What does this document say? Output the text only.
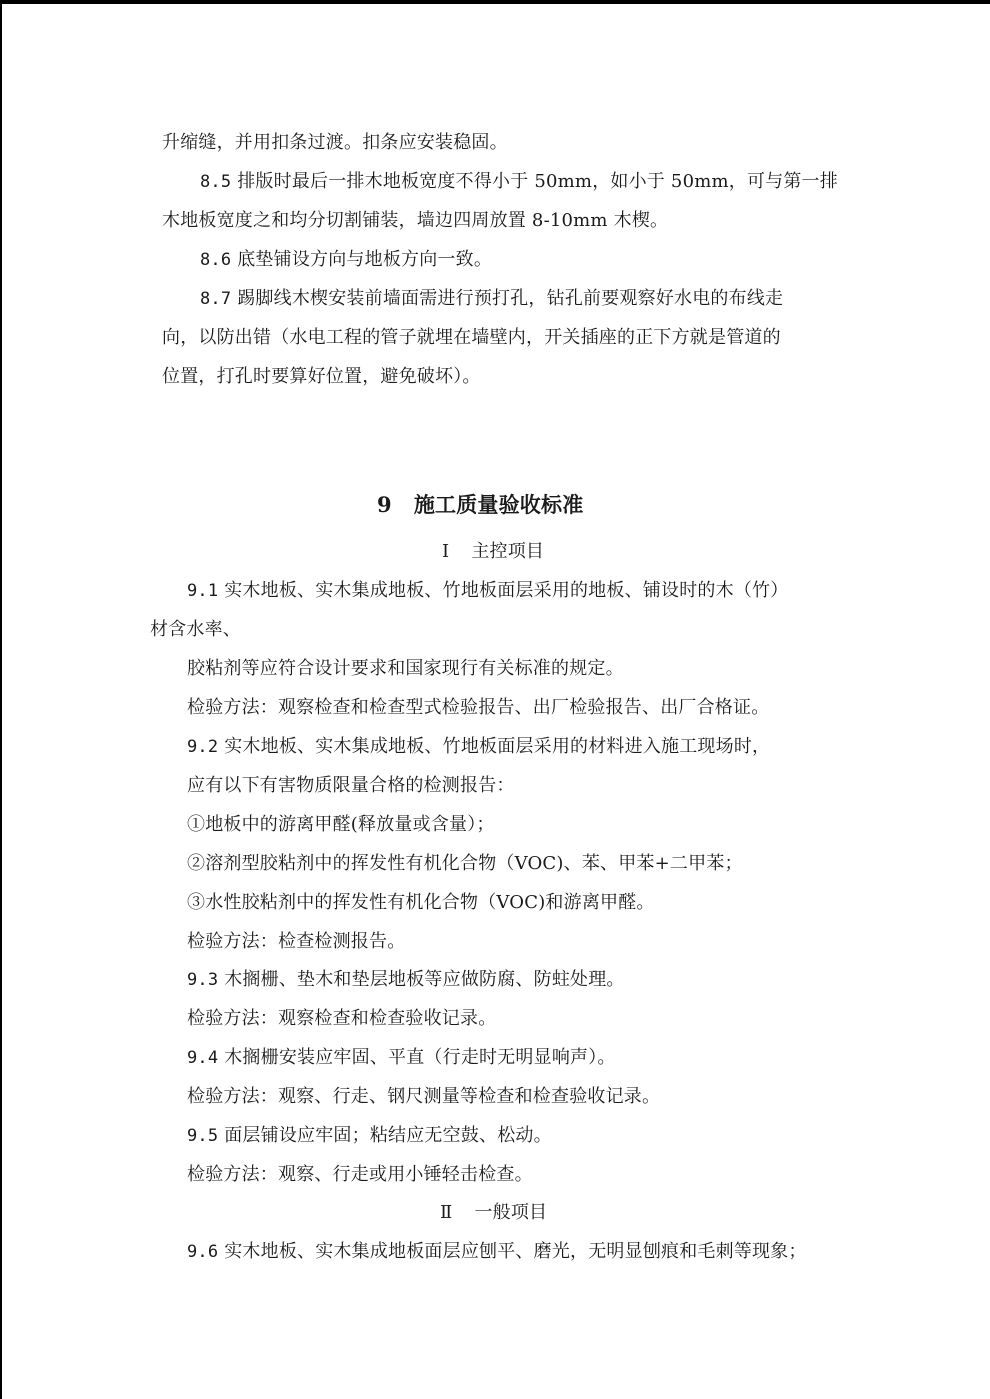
升缩缝，并用扣条过渡。扣条应安装稳固。
8.5 排版时最后一排木地板宽度不得小于 50mm，如小于 50mm，可与第一排
木地板宽度之和均分切割铺装，墙边四周放置 8-10mm 木楔。
8.6 底垫铺设方向与地板方向一致。
8.7 踢脚线木楔安装前墙面需进行预打孔，钻孔前要观察好水电的布线走
向，以防出错（水电工程的管子就埋在墙壁内，开关插座的正下方就是管道的
位置，打孔时要算好位置，避免破坏）。
9 施工质量验收标准
Ⅰ 主控项目
9.1 实木地板、实木集成地板、竹地板面层采用的地板、铺设时的木（竹）
材含水率、
胶粘剂等应符合设计要求和国家现行有关标准的规定。
检验方法：观察检查和检查型式检验报告、出厂检验报告、出厂合格证。
9.2 实木地板、实木集成地板、竹地板面层采用的材料进入施工现场时，
应有以下有害物质限量合格的检测报告：
①地板中的游离甲醛(释放量或含量）；
②溶剂型胶粘剂中的挥发性有机化合物（VOC)、苯、甲苯+二甲苯；
③水性胶粘剂中的挥发性有机化合物（VOC)和游离甲醛。
检验方法：检查检测报告。
9.3 木搁栅、垫木和垫层地板等应做防腐、防蛀处理。
检验方法：观察检查和检查验收记录。
9.4 木搁栅安装应牢固、平直（行走时无明显响声）。
检验方法：观察、行走、钢尺测量等检查和检查验收记录。
9.5 面层铺设应牢固；粘结应无空鼓、松动。
检验方法：观察、行走或用小锤轻击检查。
Ⅱ 一般项目
9.6 实木地板、实木集成地板面层应刨平、磨光，无明显刨痕和毛刺等现象；
